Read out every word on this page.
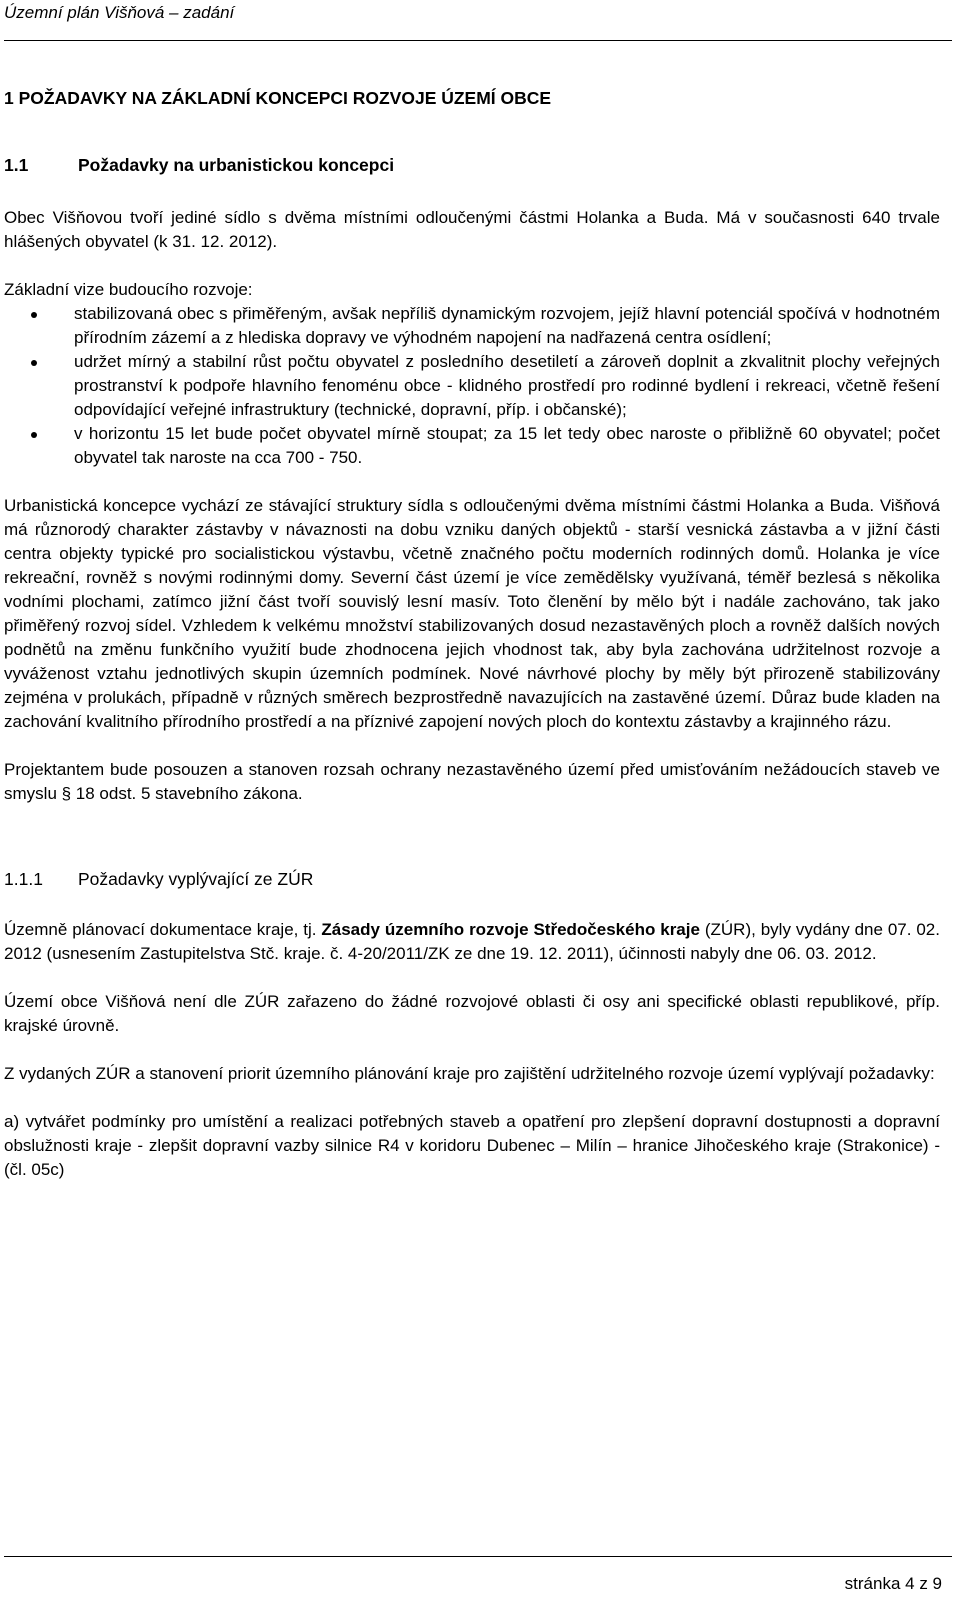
Územní plán Višňová – zadání
1 POŽADAVKY NA ZÁKLADNÍ KONCEPCI ROZVOJE ÚZEMÍ OBCE
1.1	Požadavky na urbanistickou koncepci

Obec Višňovou tvoří jediné sídlo s dvěma místními odloučenými částmi Holanka a Buda. Má v současnosti 640 trvale hlášených obyvatel (k 31. 12. 2012).

Základní vize budoucího rozvoje:

stabilizovaná obec s přiměřeným, avšak nepříliš dynamickým rozvojem, jejíž hlavní potenciál spočívá v hodnotném přírodním zázemí a z hlediska dopravy ve výhodném napojení na nadřazená centra osídlení;
udržet mírný a stabilní růst počtu obyvatel z posledního desetiletí a zároveň doplnit a zkvalitnit plochy veřejných prostranství k podpoře hlavního fenoménu obce - klidného prostředí pro rodinné bydlení i rekreaci, včetně řešení odpovídající veřejné infrastruktury (technické, dopravní, příp. i občanské);
v horizontu 15 let bude počet obyvatel mírně stoupat; za 15 let tedy obec naroste o přibližně 60 obyvatel; počet obyvatel tak naroste na cca 700 - 750.

Urbanistická koncepce vychází ze stávající struktury sídla s odloučenými dvěma místními částmi Holanka a Buda. Višňová má různorodý charakter zástavby v návaznosti na dobu vzniku daných objektů - starší vesnická zástavba a v jižní části centra objekty typické pro socialistickou výstavbu, včetně značného počtu moderních rodinných domů. Holanka je více rekreační, rovněž s novými rodinnými domy. Severní část území je více zemědělsky využívaná, téměř bezlesá s několika vodními plochami, zatímco jižní část tvoří souvislý lesní masív. Toto členění by mělo být i nadále zachováno, tak jako přiměřený rozvoj sídel. Vzhledem k velkému množství stabilizovaných dosud nezastavěných ploch a rovněž dalších nových podnětů na změnu funkčního využití bude zhodnocena jejich vhodnost tak, aby byla zachována udržitelnost rozvoje a vyváženost vztahu jednotlivých skupin územních podmínek. Nové návrhové plochy by měly být přirozeně stabilizovány zejména v prolukách, případně v různých směrech bezprostředně navazujících na zastavěné území. Důraz bude kladen na zachování kvalitního přírodního prostředí a na příznivé zapojení nových ploch do kontextu zástavby a krajinného rázu.

Projektantem bude posouzen a stanoven rozsah ochrany nezastavěného území před umisťováním nežádoucích staveb ve smyslu § 18 odst. 5 stavebního zákona.

1.1.1 Požadavky vyplývající ze ZÚR

Územně plánovací dokumentace kraje, tj. Zásady územního rozvoje Středočeského kraje (ZÚR), byly vydány dne 07. 02. 2012 (usnesením Zastupitelstva Stč. kraje. č. 4-20/2011/ZK ze dne 19. 12. 2011), účinnosti nabyly dne 06. 03. 2012.

Území obce Višňová není dle ZÚR zařazeno do žádné rozvojové oblasti či osy ani specifické oblasti republikové, příp. krajské úrovně.

Z vydaných ZÚR a stanovení priorit územního plánování kraje pro zajištění udržitelného rozvoje území vyplývají požadavky:

a) vytvářet podmínky pro umístění a realizaci potřebných staveb a opatření pro zlepšení dopravní dostupnosti a dopravní obslužnosti kraje - zlepšit dopravní vazby silnice R4 v koridoru Dubenec – Milín – hranice Jihočeského kraje (Strakonice) - (čl. 05c)

stránka 4 z 9
